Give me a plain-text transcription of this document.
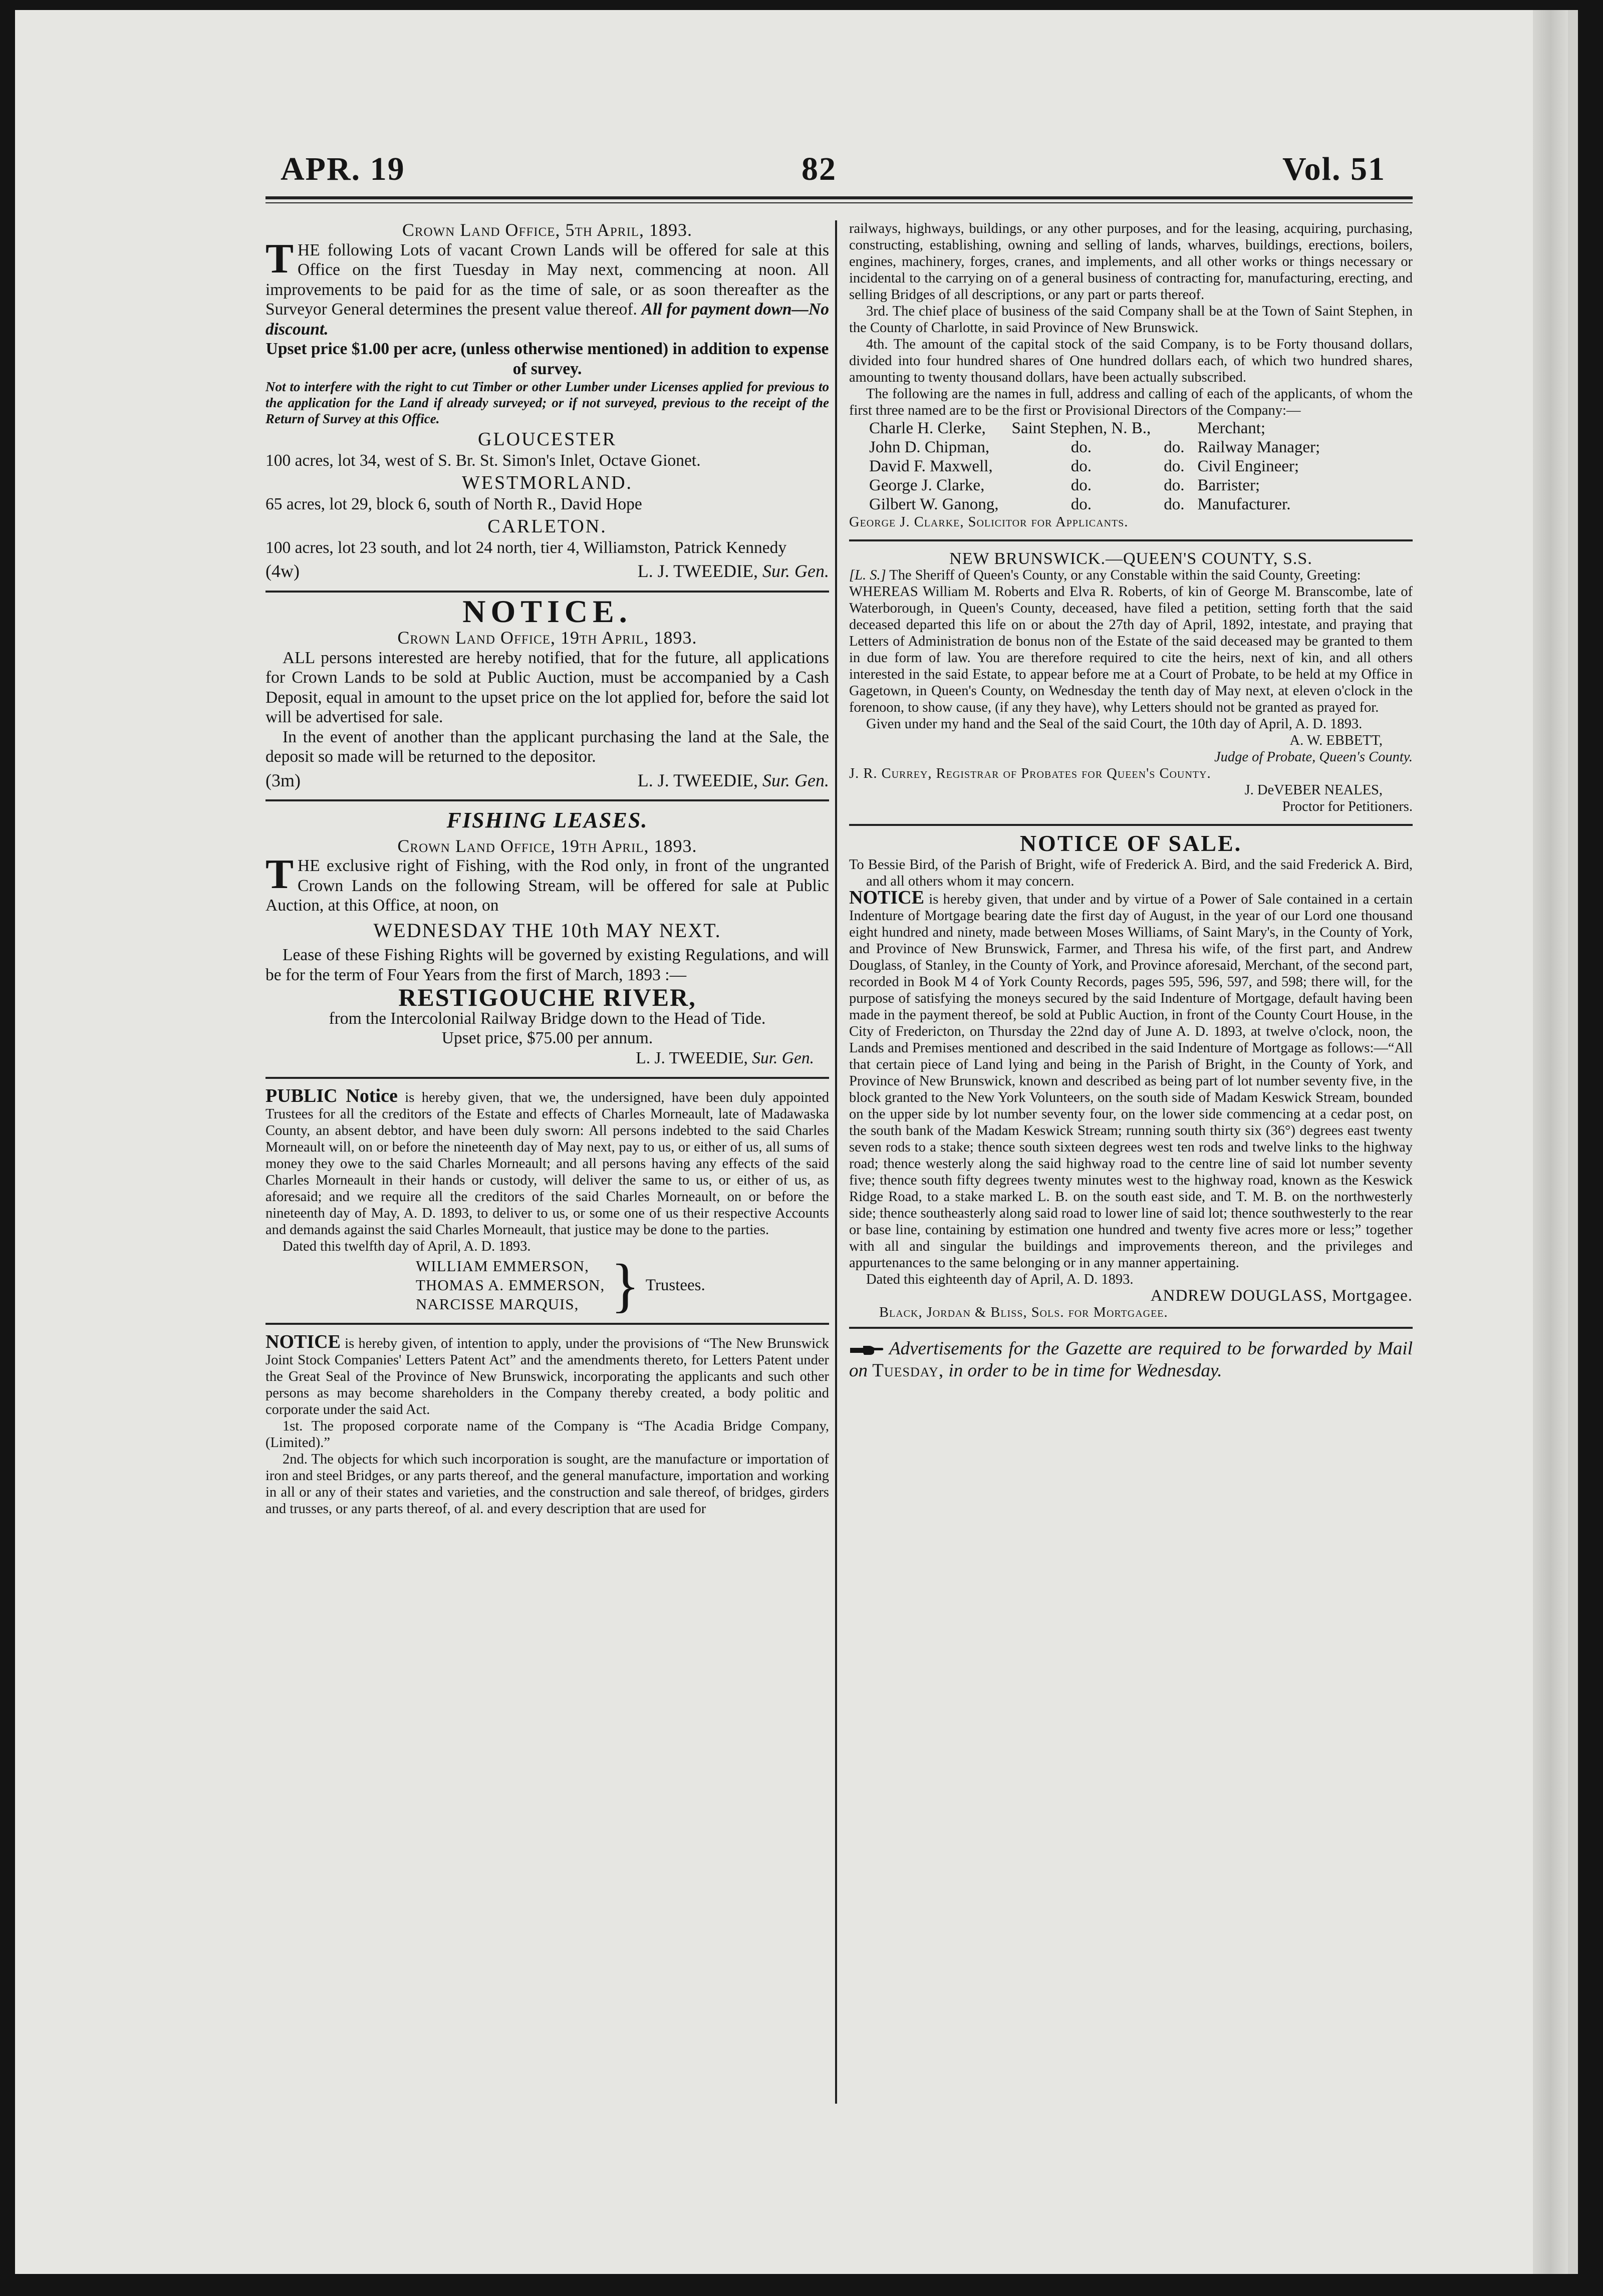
APR. 19	82	Vol. 51

Crown Land Office, 5th April, 1893.

THE following Lots of vacant Crown Lands will be offered for sale at this Office on the first Tuesday in May next, commencing at noon. All improvements to be paid for as the time of sale, or as soon thereafter as the Surveyor General determines the present value thereof. All for payment down—No discount.

Upset price $1.00 per acre, (unless otherwise mentioned) in addition to expense of survey.

Not to interfere with the right to cut Timber or other Lumber under Licenses applied for previous to the application for the Land if already surveyed; or if not surveyed, previous to the receipt of the Return of Survey at this Office.

GLOUCESTER

100 acres, lot 34, west of S. Br. St. Simon's Inlet, Octave Gionet.

WESTMORLAND.

65 acres, lot 29, block 6, south of North R., David Hope

CARLETON.

100 acres, lot 23 south, and lot 24 north, tier 4, Williamston, Patrick Kennedy

(4w)	L. J. TWEEDIE, Sur. Gen.

NOTICE.

Crown Land Office, 19th April, 1893.

ALL persons interested are hereby notified, that for the future, all applications for Crown Lands to be sold at Public Auction, must be accompanied by a Cash Deposit, equal in amount to the upset price on the lot applied for, before the said lot will be advertised for sale.

In the event of another than the applicant purchasing the land at the Sale, the deposit so made will be returned to the depositor.

(3m)	L. J. TWEEDIE, Sur. Gen.

FISHING LEASES.

Crown Land Office, 19th April, 1893.

THE exclusive right of Fishing, with the Rod only, in front of the ungranted Crown Lands on the following Stream, will be offered for sale at Public Auction, at this Office, at noon, on

WEDNESDAY THE 10th MAY NEXT.

Lease of these Fishing Rights will be governed by existing Regulations, and will be for the term of Four Years from the first of March, 1893 :—

RESTIGOUCHE RIVER,

from the Intercolonial Railway Bridge down to the Head of Tide.

Upset price, $75.00 per annum.

L. J. TWEEDIE, Sur. Gen.

PUBLIC Notice is hereby given, that we, the undersigned, have been duly appointed Trustees for all the creditors of the Estate and effects of Charles Morneault, late of Madawaska County, an absent debtor, and have been duly sworn: All persons indebted to the said Charles Morneault will, on or before the nineteenth day of May next, pay to us, or either of us, all sums of money they owe to the said Charles Morneault; and all persons having any effects of the said Charles Morneault in their hands or custody, will deliver the same to us, or either of us, as aforesaid; and we require all the creditors of the said Charles Morneault, on or before the nineteenth day of May, A. D. 1893, to deliver to us, or some one of us their respective Accounts and demands against the said Charles Morneault, that justice may be done to the parties.

Dated this twelfth day of April, A. D. 1893.

WILLIAM EMMERSON,
THOMAS A. EMMERSON,
NARCISSE MARQUIS, } Trustees.

NOTICE is hereby given, of intention to apply, under the provisions of “The New Brunswick Joint Stock Companies' Letters Patent Act” and the amendments thereto, for Letters Patent under the Great Seal of the Province of New Brunswick, incorporating the applicants and such other persons as may become shareholders in the Company thereby created, a body politic and corporate under the said Act.

1st. The proposed corporate name of the Company is “The Acadia Bridge Company, (Limited).”

2nd. The objects for which such incorporation is sought, are the manufacture or importation of iron and steel Bridges, or any parts thereof, and the general manufacture, importation and working in all or any of their states and varieties, and the construction and sale thereof, of bridges, girders and trusses, or any parts thereof, of al. and every description that are used for

railways, highways, buildings, or any other purposes, and for the leasing, acquiring, purchasing, constructing, establishing, owning and selling of lands, wharves, buildings, erections, boilers, engines, machinery, forges, cranes, and implements, and all other works or things necessary or incidental to the carrying on of a general business of contracting for, manufacturing, erecting, and selling Bridges of all descriptions, or any part or parts thereof.

3rd. The chief place of business of the said Company shall be at the Town of Saint Stephen, in the County of Charlotte, in said Province of New Brunswick.

4th. The amount of the capital stock of the said Company, is to be Forty thousand dollars, divided into four hundred shares of One hundred dollars each, of which two hundred shares, amounting to twenty thousand dollars, have been actually subscribed.

The following are the names in full, address and calling of each of the applicants, of whom the first three named are to be the first or Provisional Directors of the Company:—

Charle H. Clerke,	Saint Stephen, N. B.,		Merchant;
John D. Chipman,	do.	do.	Railway Manager;
David F. Maxwell,	do.	do.	Civil Engineer;
George J. Clarke,	do.	do.	Barrister;
Gilbert W. Ganong,	do.	do.	Manufacturer.

George J. Clarke, Solicitor for Applicants.

NEW BRUNSWICK.—QUEEN'S COUNTY, S.S.

[L. S.] The Sheriff of Queen's County, or any Constable within the said County, Greeting:

WHEREAS William M. Roberts and Elva R. Roberts, of kin of George M. Branscombe, late of Waterborough, in Queen's County, deceased, have filed a petition, setting forth that the said deceased departed this life on or about the 27th day of April, 1892, intestate, and praying that Letters of Administration de bonus non of the Estate of the said deceased may be granted to them in due form of law. You are therefore required to cite the heirs, next of kin, and all others interested in the said Estate, to appear before me at a Court of Probate, to be held at my Office in Gagetown, in Queen's County, on Wednesday the tenth day of May next, at eleven o'clock in the forenoon, to show cause, (if any they have), why Letters should not be granted as prayed for.

Given under my hand and the Seal of the said Court, the 10th day of April, A. D. 1893.

A. W. EBBETT,

Judge of Probate, Queen's County.

J. R. Currey, Registrar of Probates for Queen's County.

J. DeVEBER NEALES,

Proctor for Petitioners.

NOTICE OF SALE.

To Bessie Bird, of the Parish of Bright, wife of Frederick A. Bird, and the said Frederick A. Bird, and all others whom it may concern.

NOTICE is hereby given, that under and by virtue of a Power of Sale contained in a certain Indenture of Mortgage bearing date the first day of August, in the year of our Lord one thousand eight hundred and ninety, made between Moses Williams, of Saint Mary's, in the County of York, and Province of New Brunswick, Farmer, and Thresa his wife, of the first part, and Andrew Douglass, of Stanley, in the County of York, and Province aforesaid, Merchant, of the second part, recorded in Book M 4 of York County Records, pages 595, 596, 597, and 598; there will, for the purpose of satisfying the moneys secured by the said Indenture of Mortgage, default having been made in the payment thereof, be sold at Public Auction, in front of the County Court House, in the City of Fredericton, on Thursday the 22nd day of June A. D. 1893, at twelve o'clock, noon, the Lands and Premises mentioned and described in the said Indenture of Mortgage as follows:—“All that certain piece of Land lying and being in the Parish of Bright, in the County of York, and Province of New Brunswick, known and described as being part of lot number seventy five, in the block granted to the New York Volunteers, on the south side of Madam Keswick Stream, bounded on the upper side by lot number seventy four, on the lower side commencing at a cedar post, on the south bank of the Madam Keswick Stream; running south thirty six (36°) degrees east twenty seven rods to a stake; thence south sixteen degrees west ten rods and twelve links to the highway road; thence westerly along the said highway road to the centre line of said lot number seventy five; thence south fifty degrees twenty minutes west to the highway road, known as the Keswick Ridge Road, to a stake marked L. B. on the south east side, and T. M. B. on the northwesterly side; thence southeasterly along said road to lower line of said lot; thence southwesterly to the rear or base line, containing by estimation one hundred and twenty five acres more or less;” together with all and singular the buildings and improvements thereon, and the privileges and appurtenances to the same belonging or in any manner appertaining.

Dated this eighteenth day of April, A. D. 1893.

ANDREW DOUGLASS, Mortgagee.

Black, Jordan & Bliss, Sols. for Mortgagee.

Advertisements for the Gazette are required to be forwarded by Mail on Tuesday, in order to be in time for Wednesday.
